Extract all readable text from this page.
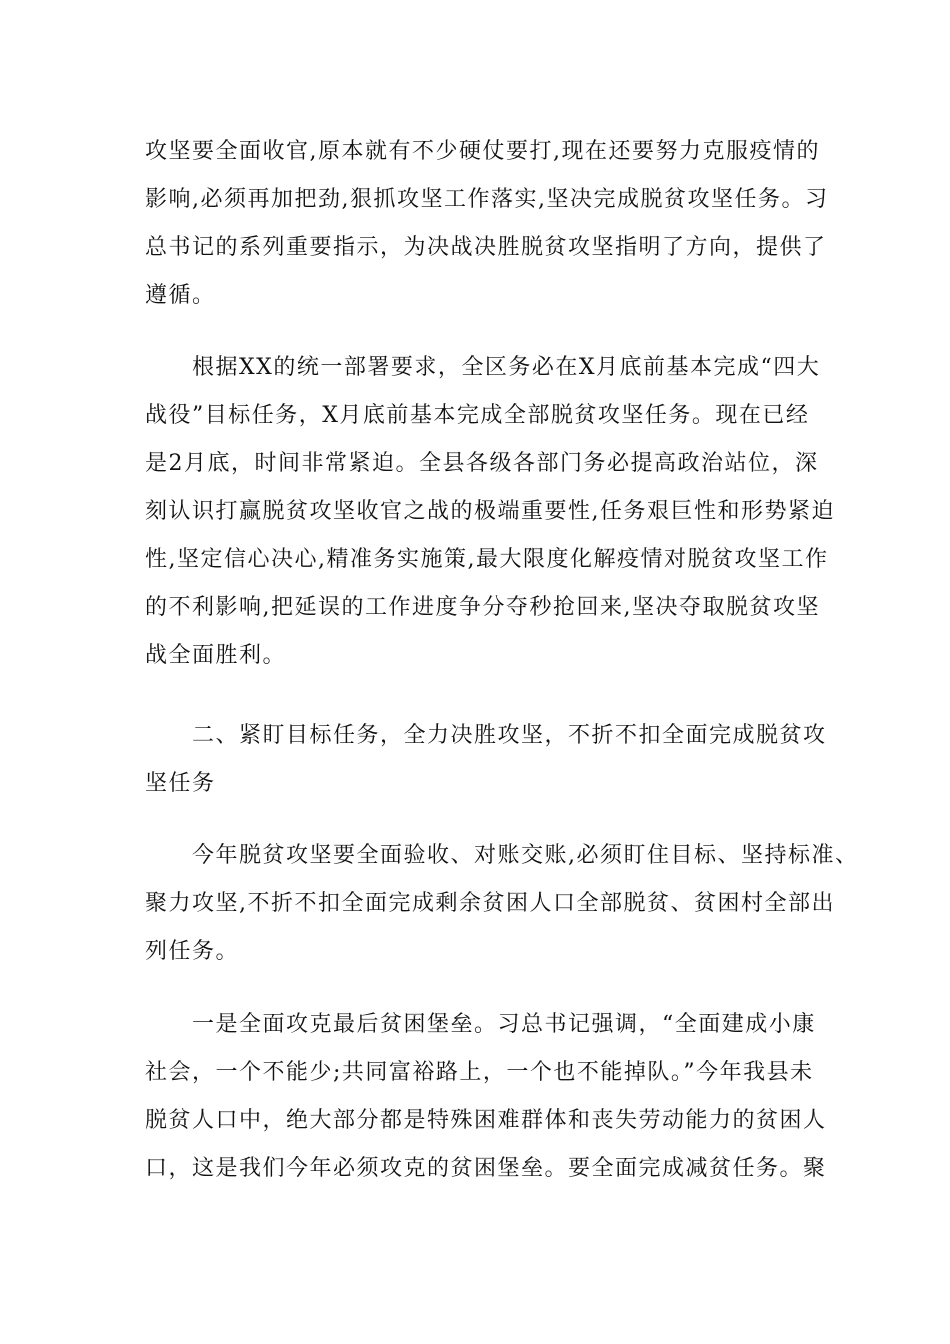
攻坚要全面收官,原本就有不少硬仗要打,现在还要努力克服疫情的
影响,必须再加把劲,狠抓攻坚工作落实,坚决完成脱贫攻坚任务。习
总书记的系列重要指示，为决战决胜脱贫攻坚指明了方向，提供了
遵循。
　　根据XX的统一部署要求，全区务必在X月底前基本完成“四大
战役”目标任务，X月底前基本完成全部脱贫攻坚任务。现在已经
是2月底，时间非常紧迫。全县各级各部门务必提高政治站位，深
刻认识打赢脱贫攻坚收官之战的极端重要性,任务艰巨性和形势紧迫
性,坚定信心决心,精准务实施策,最大限度化解疫情对脱贫攻坚工作
的不利影响,把延误的工作进度争分夺秒抢回来,坚决夺取脱贫攻坚
战全面胜利。
　　二、紧盯目标任务，全力决胜攻坚，不折不扣全面完成脱贫攻
坚任务
　　今年脱贫攻坚要全面验收、对账交账,必须盯住目标、坚持标准、
聚力攻坚,不折不扣全面完成剩余贫困人口全部脱贫、贫困村全部出
列任务。
　　一是全面攻克最后贫困堡垒。习总书记强调，“全面建成小康
社会，一个不能少;共同富裕路上，一个也不能掉队。”今年我县未
脱贫人口中，绝大部分都是特殊困难群体和丧失劳动能力的贫困人
口，这是我们今年必须攻克的贫困堡垒。要全面完成减贫任务。聚
